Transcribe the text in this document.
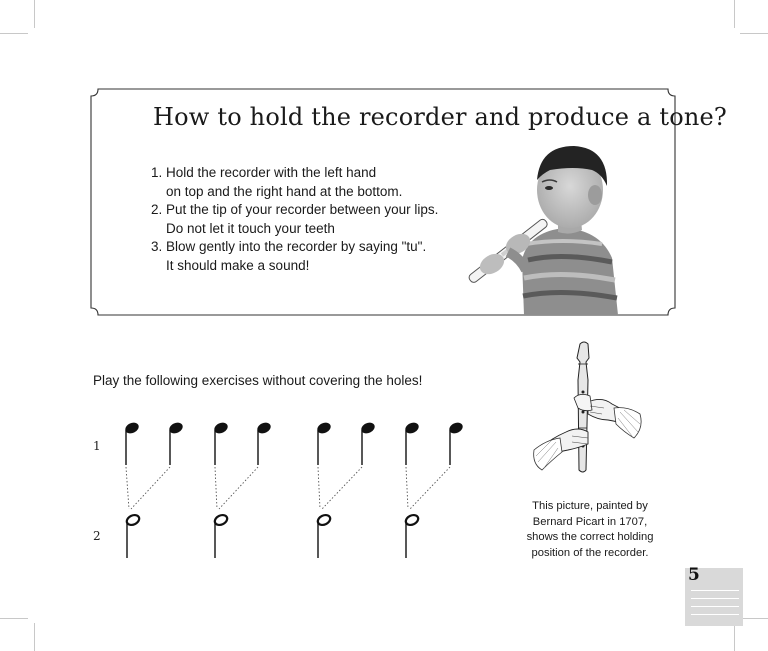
How to hold the recorder and produce a tone?

1. Hold the recorder with the left hand
on top and the right hand at the bottom.

2. Put the tip of your recorder between your lips.
Do not let it touch your teeth

3. Blow gently into the recorder by saying "tu".
It should make a sound!

Play the following exercises without covering the holes!
1
2
This picture, painted by
Bernard Picart in 1707,
shows the correct holding
position of the recorder.
5
